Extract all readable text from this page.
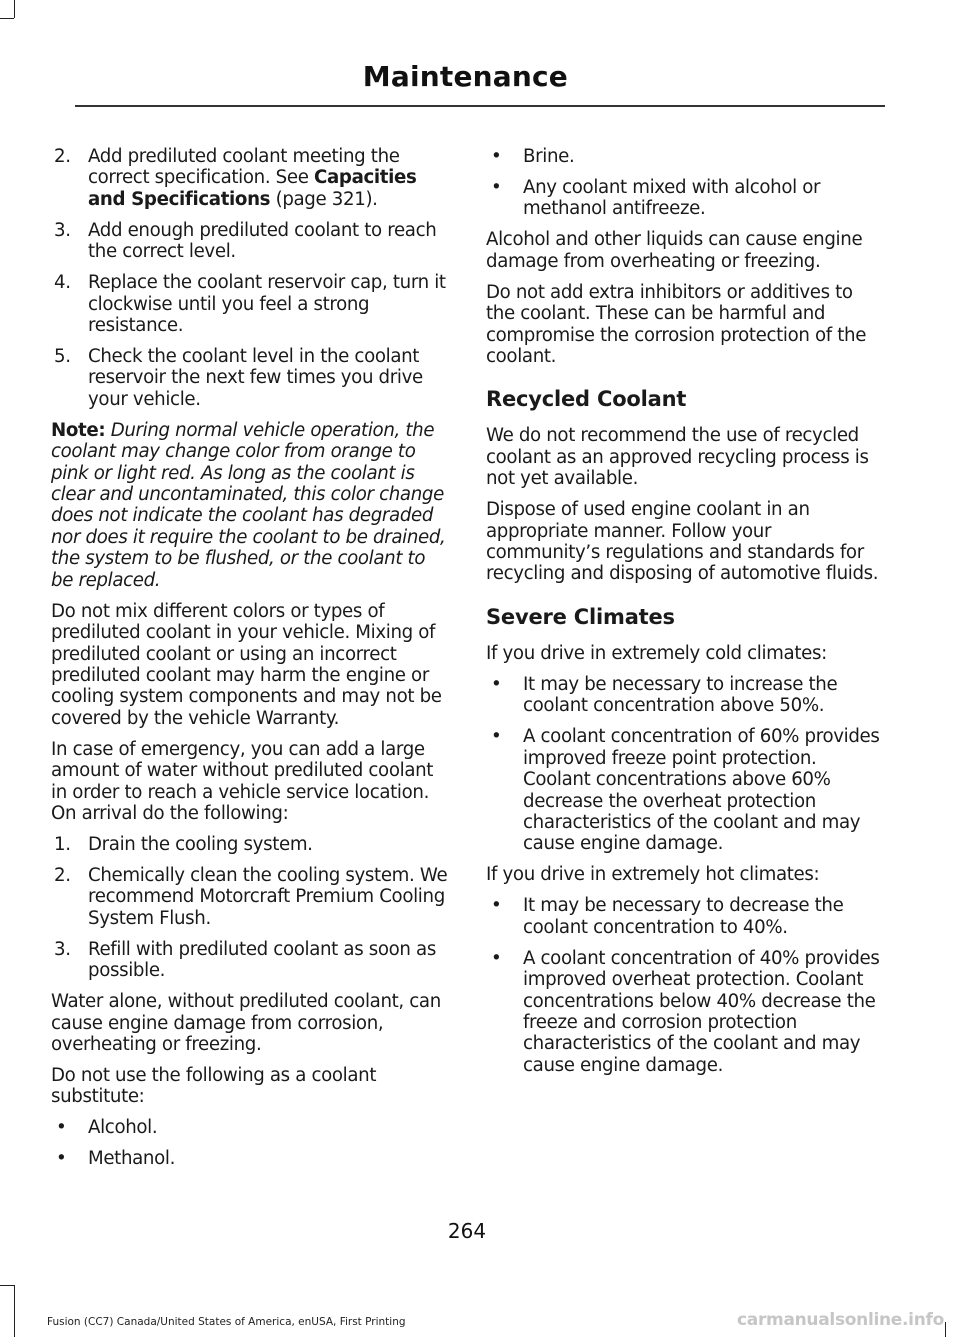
Maintenance
2. Add prediluted coolant meeting the correct specification. See Capacities and Specifications (page 321).
3. Add enough prediluted coolant to reach the correct level.
4. Replace the coolant reservoir cap, turn it clockwise until you feel a strong resistance.
5. Check the coolant level in the coolant reservoir the next few times you drive your vehicle.

Note: During normal vehicle operation, the coolant may change color from orange to pink or light red. As long as the coolant is clear and uncontaminated, this color change does not indicate the coolant has degraded nor does it require the coolant to be drained, the system to be flushed, or the coolant to be replaced.

Do not mix different colors or types of prediluted coolant in your vehicle. Mixing of prediluted coolant or using an incorrect prediluted coolant may harm the engine or cooling system components and may not be covered by the vehicle Warranty.

In case of emergency, you can add a large amount of water without prediluted coolant in order to reach a vehicle service location. On arrival do the following:

1. Drain the cooling system.
2. Chemically clean the cooling system. We recommend Motorcraft Premium Cooling System Flush.
3. Refill with prediluted coolant as soon as possible.

Water alone, without prediluted coolant, can cause engine damage from corrosion, overheating or freezing.

Do not use the following as a coolant substitute:

• Alcohol.
• Methanol.
• Brine.
• Any coolant mixed with alcohol or methanol antifreeze.

Alcohol and other liquids can cause engine damage from overheating or freezing.

Do not add extra inhibitors or additives to the coolant. These can be harmful and compromise the corrosion protection of the coolant.

Recycled Coolant

We do not recommend the use of recycled coolant as an approved recycling process is not yet available.

Dispose of used engine coolant in an appropriate manner. Follow your community’s regulations and standards for recycling and disposing of automotive fluids.

Severe Climates

If you drive in extremely cold climates:

• It may be necessary to increase the coolant concentration above 50%.
• A coolant concentration of 60% provides improved freeze point protection. Coolant concentrations above 60% decrease the overheat protection characteristics of the coolant and may cause engine damage.

If you drive in extremely hot climates:

• It may be necessary to decrease the coolant concentration to 40%.
• A coolant concentration of 40% provides improved overheat protection. Coolant concentrations below 40% decrease the freeze and corrosion protection characteristics of the coolant and may cause engine damage.
264
Fusion (CC7) Canada/United States of America, enUSA, First Printing	carmanualsonline.info
